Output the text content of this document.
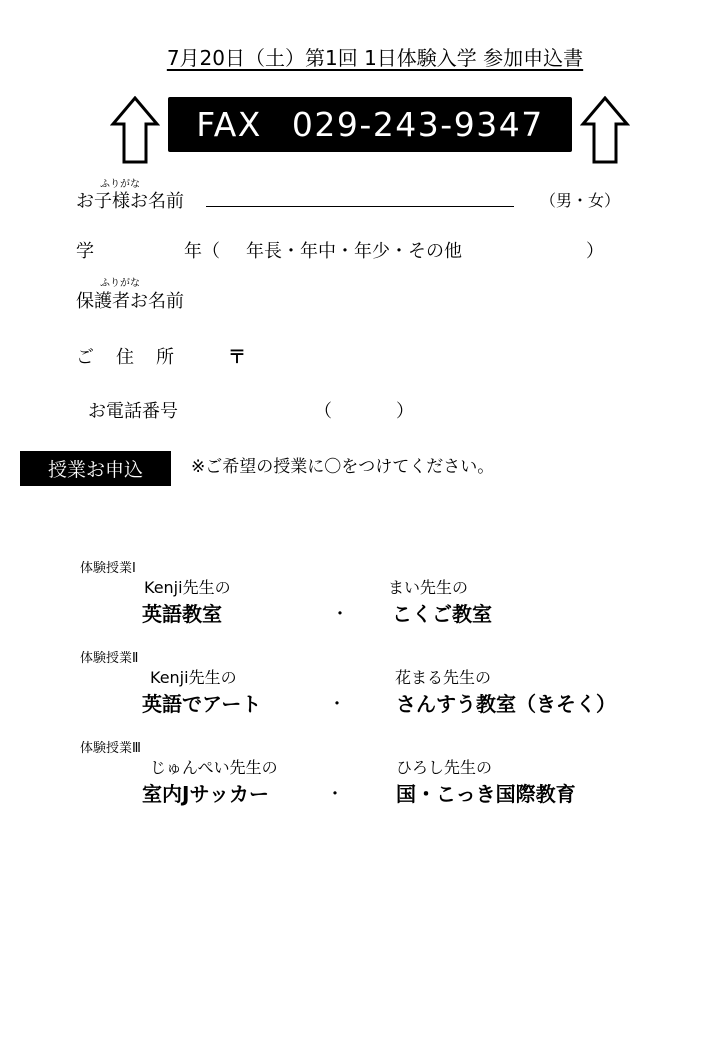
7月20日（土）第1回 1日体験入学 参加申込書
FAX 029-243-9347
ふりがな
お子様お名前	（男・女）
学	年（ 年長・年中・年少・その他	）
ふりがな
保護者お名前
ご　住　所	〒
お電話番号	（	）
授業お申込	※ご希望の授業に〇をつけてください。
体験授業Ⅰ
Kenji先生の
英語教室	・
まい先生の
こくご教室
体験授業Ⅱ
Kenji先生の
英語でアート	・
花まる先生の
さんすう教室（きそく）
体験授業Ⅲ
じゅんぺい先生の
室内Jサッカー	・
ひろし先生の
国・こっき国際教育
